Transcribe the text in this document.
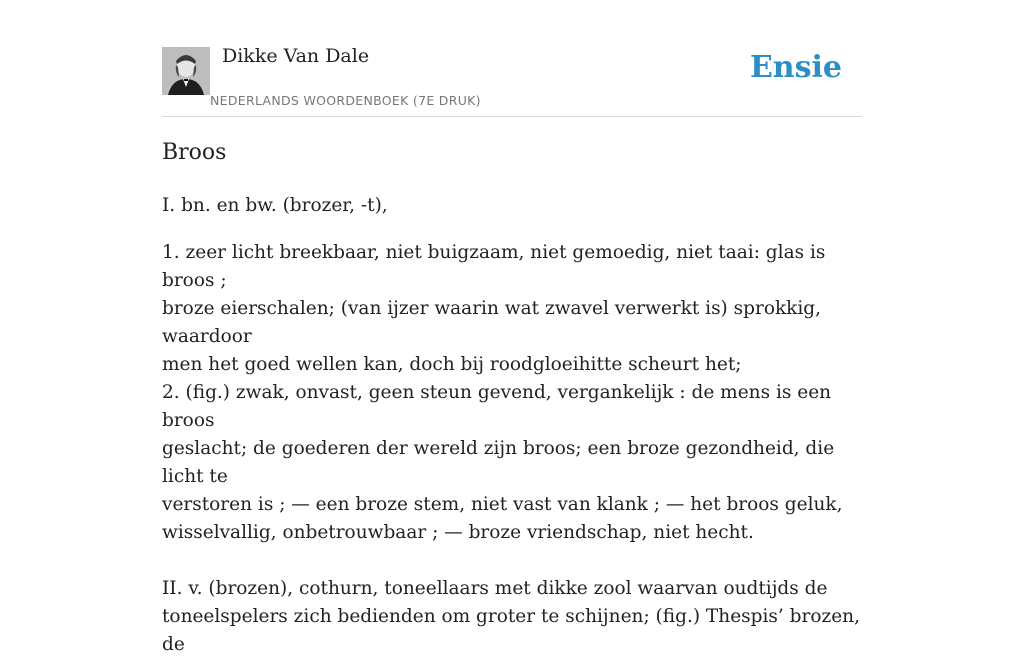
Dikke Van Dale
NEDERLANDS WOORDENBOEK (7E DRUK)
Ensie
Broos

I. bn. en bw. (brozer, -t),

1. zeer licht breekbaar, niet buigzaam, niet gemoedig, niet taai: glas is broos ;
broze eierschalen; (van ijzer waarin wat zwavel verwerkt is) sprokkig, waardoor
men het goed wellen kan, doch bij roodgloeihitte scheurt het;

2. (fig.) zwak, onvast, geen steun gevend, vergankelijk : de mens is een broos
geslacht; de goederen der wereld zijn broos; een broze gezondheid, die licht te
verstoren is ; — een broze stem, niet vast van klank ; — het broos geluk,
wisselvallig, onbetrouwbaar ; — broze vriendschap, niet hecht.

II. v. (brozen), cothurn, toneellaars met dikke zool waarvan oudtijds de
toneelspelers zich bedienden om groter te schijnen; (fig.) Thespis’ brozen, de
